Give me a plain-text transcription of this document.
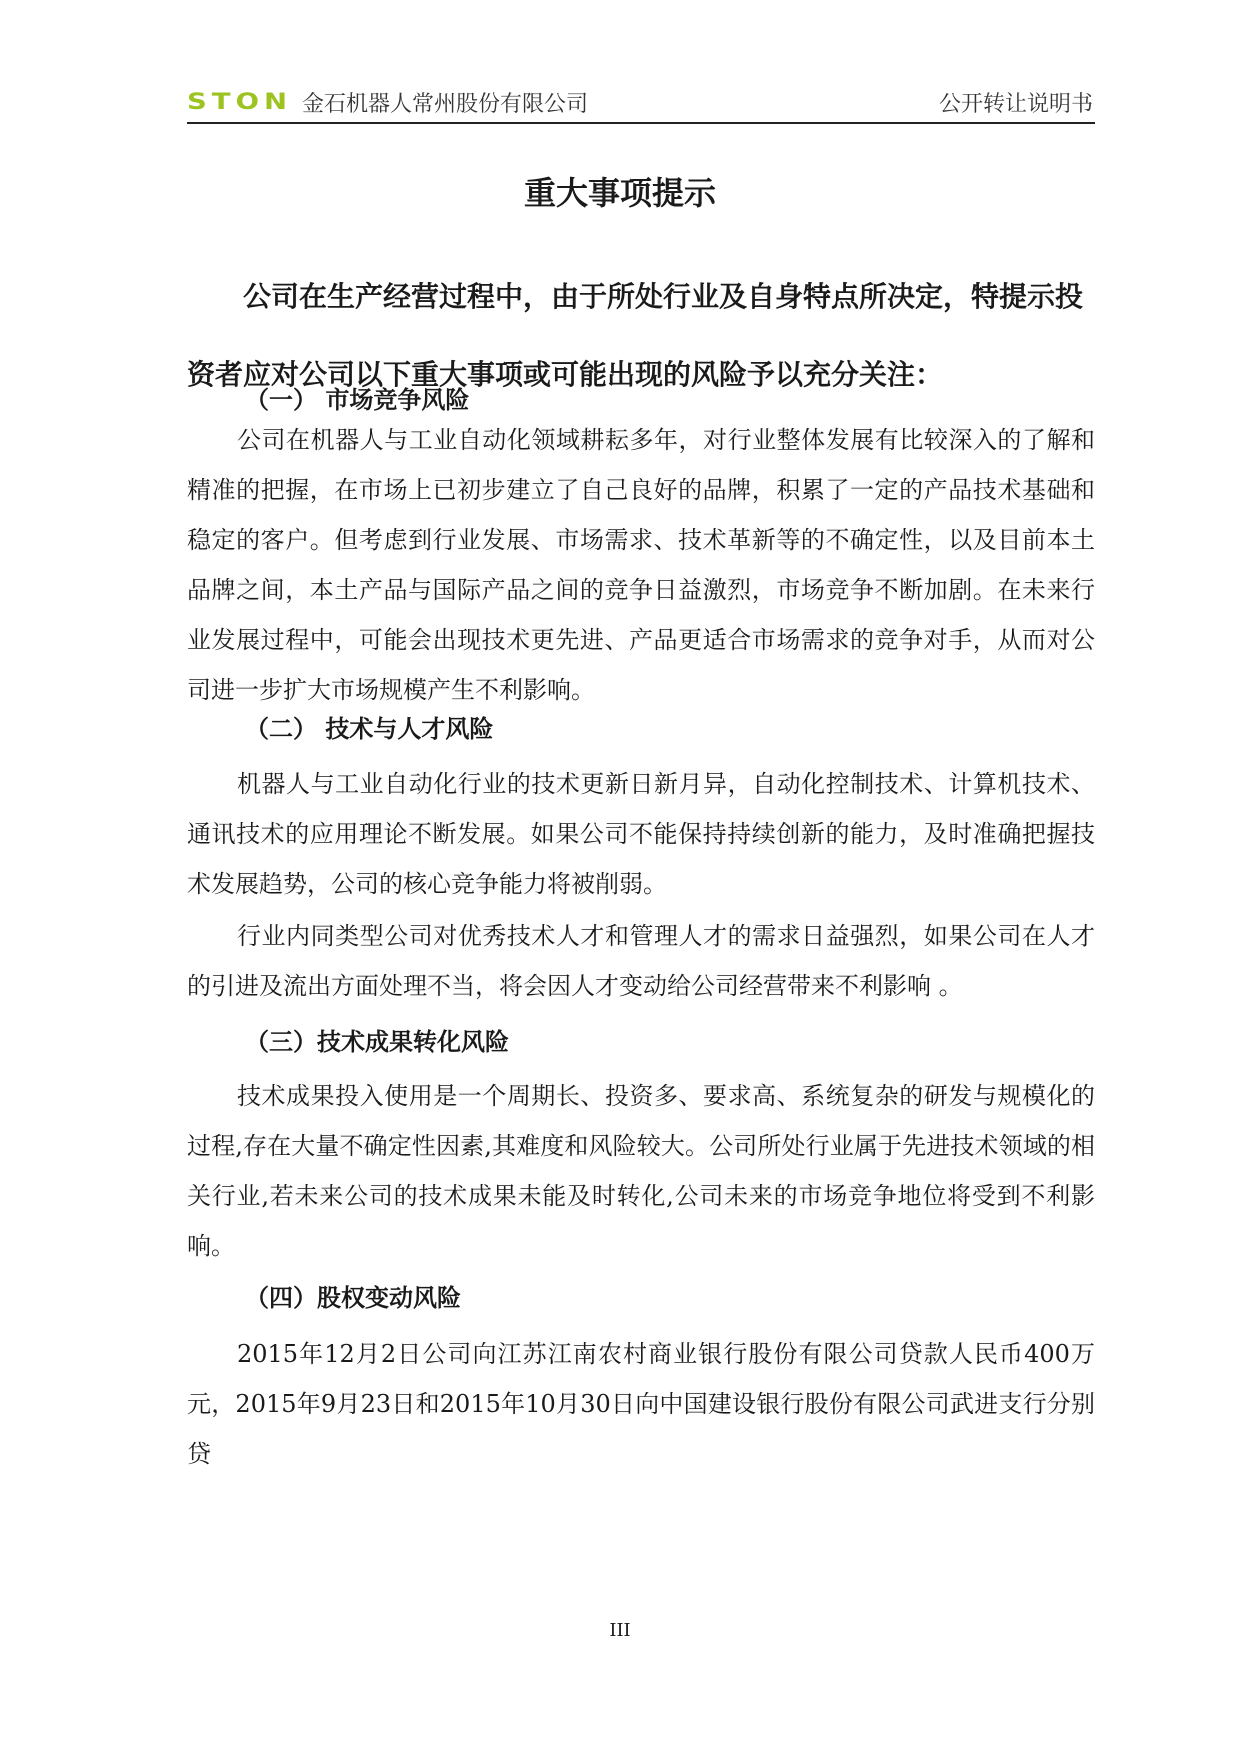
STON 金石机器人常州股份有限公司	公开转让说明书
重大事项提示

公司在生产经营过程中，由于所处行业及自身特点所决定，特提示投资者应对公司以下重大事项或可能出现的风险予以充分关注：

（一） 市场竞争风险

公司在机器人与工业自动化领域耕耘多年，对行业整体发展有比较深入的了解和精准的把握，在市场上已初步建立了自己良好的品牌，积累了一定的产品技术基础和稳定的客户。但考虑到行业发展、市场需求、技术革新等的不确定性，以及目前本土品牌之间，本土产品与国际产品之间的竞争日益激烈，市场竞争不断加剧。在未来行业发展过程中，可能会出现技术更先进、产品更适合市场需求的竞争对手，从而对公司进一步扩大市场规模产生不利影响。

（二） 技术与人才风险

机器人与工业自动化行业的技术更新日新月异，自动化控制技术、计算机技术、通讯技术的应用理论不断发展。如果公司不能保持持续创新的能力，及时准确把握技术发展趋势，公司的核心竞争能力将被削弱。

行业内同类型公司对优秀技术人才和管理人才的需求日益强烈，如果公司在人才的引进及流出方面处理不当，将会因人才变动给公司经营带来不利影响 。

（三）技术成果转化风险

技术成果投入使用是一个周期长、投资多、要求高、系统复杂的研发与规模化的过程,存在大量不确定性因素,其难度和风险较大。公司所处行业属于先进技术领域的相关行业,若未来公司的技术成果未能及时转化,公司未来的市场竞争地位将受到不利影响。

（四）股权变动风险

2015年12月2日公司向江苏江南农村商业银行股份有限公司贷款人民币400万元，2015年9月23日和2015年10月30日向中国建设银行股份有限公司武进支行分别贷

III
